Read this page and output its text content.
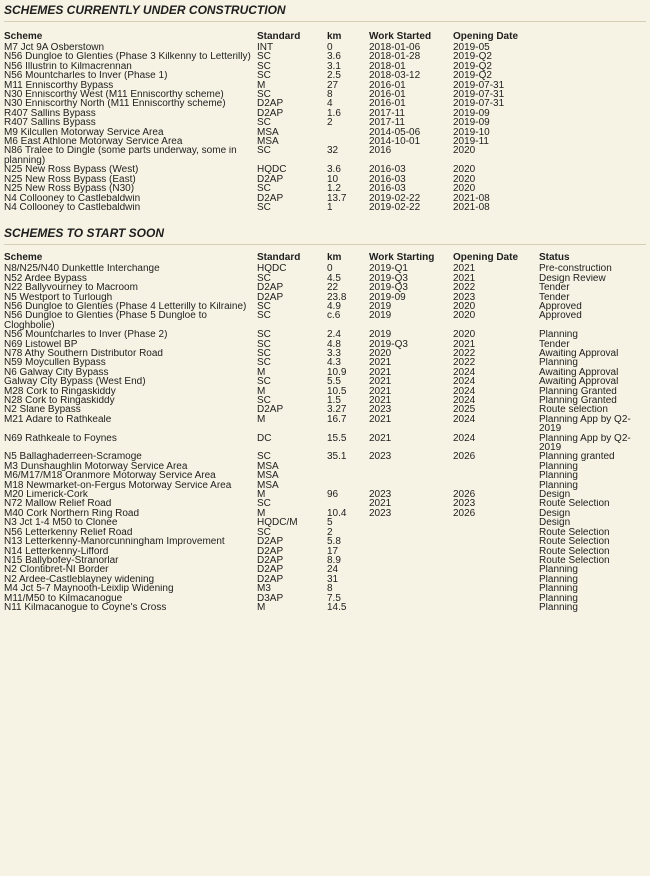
SCHEMES CURRENTLY UNDER CONSTRUCTION
Scheme	Standard	km	Work Started	Opening Date	
M7 Jct 9A Osberstown	INT	0	2018-01-06	2019-05	
N56 Dungloe to Glenties (Phase 3 Kilkenny to Letterilly)	SC	3.6	2018-01-28	2019-Q2	
N56 Illustrin to Kilmacrennan	SC	3.1	2018-01	2019-Q2	
N56 Mountcharles to Inver (Phase 1)	SC	2.5	2018-03-12	2019-Q2	
M11 Enniscorthy Bypass	M	27	2016-01	2019-07-31	
N30 Enniscorthy West (M11 Enniscorthy scheme)	SC	8	2016-01	2019-07-31	
N30 Enniscorthy North (M11 Enniscorthy scheme)	D2AP	4	2016-01	2019-07-31	
R407 Sallins Bypass	D2AP	1.6	2017-11	2019-09	
R407 Sallins Bypass	SC	2	2017-11	2019-09	
M9 Kilcullen Motorway Service Area	MSA		2014-05-06	2019-10	
M6 East Athlone Motorway Service Area	MSA		2014-10-01	2019-11	
N86 Tralee to Dingle (some parts underway, some in planning)	SC	32	2016	2020	
N25 New Ross Bypass (West)	HQDC	3.6	2016-03	2020	
N25 New Ross Bypass (East)	D2AP	10	2016-03	2020	
N25 New Ross Bypass (N30)	SC	1.2	2016-03	2020	
N4 Collooney to Castlebaldwin	D2AP	13.7	2019-02-22	2021-08	
N4 Collooney to Castlebaldwin	SC	1	2019-02-22	2021-08	
SCHEMES TO START SOON
Scheme	Standard	km	Work Starting	Opening Date	Status
N8/N25/N40 Dunkettle Interchange	HQDC	0	2019-Q1	2021	Pre-construction
N52 Ardee Bypass	SC	4.5	2019-Q3	2021	Design Review
N22 Ballyvourney to Macroom	D2AP	22	2019-Q3	2022	Tender
N5 Westport to Turlough	D2AP	23.8	2019-09	2023	Tender
N56 Dungloe to Glenties (Phase 4 Letterilly to Kilraine)	SC	4.9	2019	2020	Approved
N56 Dungloe to Glenties (Phase 5 Dungloe to Cloghbolie)	SC	c.6	2019	2020	Approved
N56 Mountcharles to Inver (Phase 2)	SC	2.4	2019	2020	Planning
N69 Listowel BP	SC	4.8	2019-Q3	2021	Tender
N78 Athy Southern Distributor Road	SC	3.3	2020	2022	Awaiting Approval
N59 Moycullen Bypass	SC	4.3	2021	2022	Planning
N6 Galway City Bypass	M	10.9	2021	2024	Awaiting Approval
Galway City Bypass (West End)	SC	5.5	2021	2024	Awaiting Approval
M28 Cork to Ringaskiddy	M	10.5	2021	2024	Planning Granted
N28 Cork to Ringaskiddy	SC	1.5	2021	2024	Planning Granted
N2 Slane Bypass	D2AP	3.27	2023	2025	Route selection
M21 Adare to Rathkeale	M	16.7	2021	2024	Planning App by Q2-2019
N69 Rathkeale to Foynes	DC	15.5	2021	2024	Planning App by Q2-2019
N5 Ballaghaderreen-Scramoge	SC	35.1	2023	2026	Planning granted
M3 Dunshaughlin Motorway Service Area	MSA				Planning
M6/M17/M18 Oranmore Motorway Service Area	MSA				Planning
M18 Newmarket-on-Fergus Motorway Service Area	MSA				Planning
M20 Limerick-Cork	M	96	2023	2026	Design
N72 Mallow Relief Road	SC		2021	2023	Route Selection
M40 Cork Northern Ring Road	M	10.4	2023	2026	Design
N3 Jct 1-4 M50 to Clonee	HQDC/M	5			Design
N56 Letterkenny Relief Road	SC	2			Route Selection
N13 Letterkenny-Manorcunningham Improvement	D2AP	5.8			Route Selection
N14 Letterkenny-Lifford	D2AP	17			Route Selection
N15 Ballybofey-Stranorlar	D2AP	8.9			Route Selection
N2 Clontibret-NI Border	D2AP	24			Planning
N2 Ardee-Castleblayney widening	D2AP	31			Planning
M4 Jct 5-7 Maynooth-Leixlip Widening	M3	8			Planning
M11/M50 to Kilmacanogue	D3AP	7.5			Planning
N11 Kilmacanogue to Coyne's Cross	M	14.5			Planning
